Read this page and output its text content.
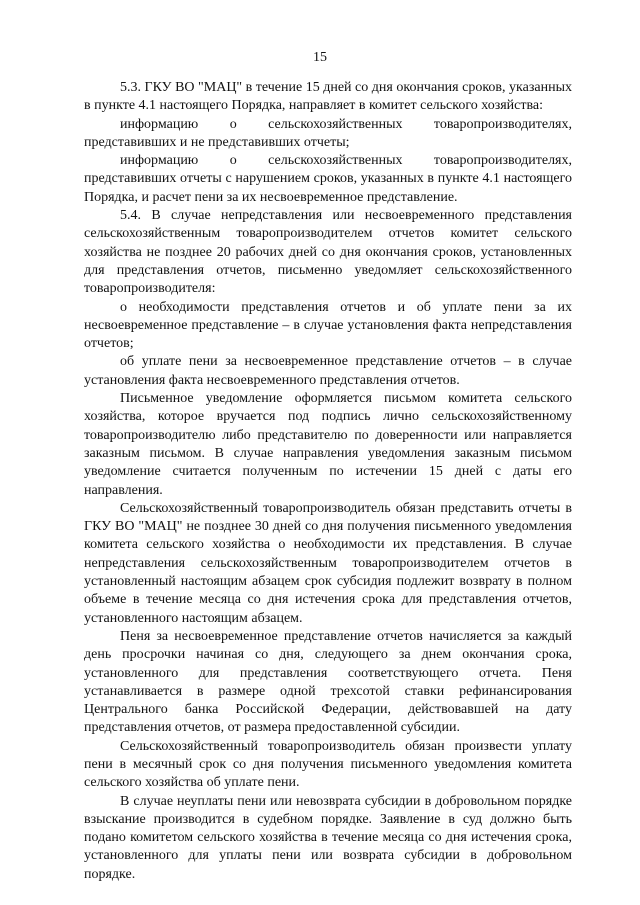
15

5.3. ГКУ ВО "МАЦ" в течение 15 дней со дня окончания сроков, указанных в пункте 4.1 настоящего Порядка, направляет в комитет сельского хозяйства:

информацию о сельскохозяйственных товаропроизводителях, представивших и не представивших отчеты;

информацию о сельскохозяйственных товаропроизводителях, представивших отчеты с нарушением сроков, указанных в пункте 4.1 настоящего Порядка, и расчет пени за их несвоевременное представление.

5.4. В случае непредставления или несвоевременного представления сельскохозяйственным товаропроизводителем отчетов комитет сельского хозяйства не позднее 20 рабочих дней со дня окончания сроков, установленных для представления отчетов, письменно уведомляет сельскохозяйственного товаропроизводителя:

о необходимости представления отчетов и об уплате пени за их несвоевременное представление – в случае установления факта непредставления отчетов;

об уплате пени за несвоевременное представление отчетов – в случае установления факта несвоевременного представления отчетов.

Письменное уведомление оформляется письмом комитета сельского хозяйства, которое вручается под подпись лично сельскохозяйственному товаропроизводителю либо представителю по доверенности или направляется заказным письмом. В случае направления уведомления заказным письмом уведомление считается полученным по истечении 15 дней с даты его направления.

Сельскохозяйственный товаропроизводитель обязан представить отчеты в ГКУ ВО "МАЦ" не позднее 30 дней со дня получения письменного уведомления комитета сельского хозяйства о необходимости их представления. В случае непредставления сельскохозяйственным товаропроизводителем отчетов в установленный настоящим абзацем срок субсидия подлежит возврату в полном объеме в течение месяца со дня истечения срока для представления отчетов, установленного настоящим абзацем.

Пеня за несвоевременное представление отчетов начисляется за каждый день просрочки начиная со дня, следующего за днем окончания срока, установленного для представления соответствующего отчета. Пеня устанавливается в размере одной трехсотой ставки рефинансирования Центрального банка Российской Федерации, действовавшей на дату представления отчетов, от размера предоставленной субсидии.

Сельскохозяйственный товаропроизводитель обязан произвести уплату пени в месячный срок со дня получения письменного уведомления комитета сельского хозяйства об уплате пени.

В случае неуплаты пени или невозврата субсидии в добровольном порядке взыскание производится в судебном порядке. Заявление в суд должно быть подано комитетом сельского хозяйства в течение месяца со дня истечения срока, установленного для уплаты пени или возврата субсидии в добровольном порядке.
